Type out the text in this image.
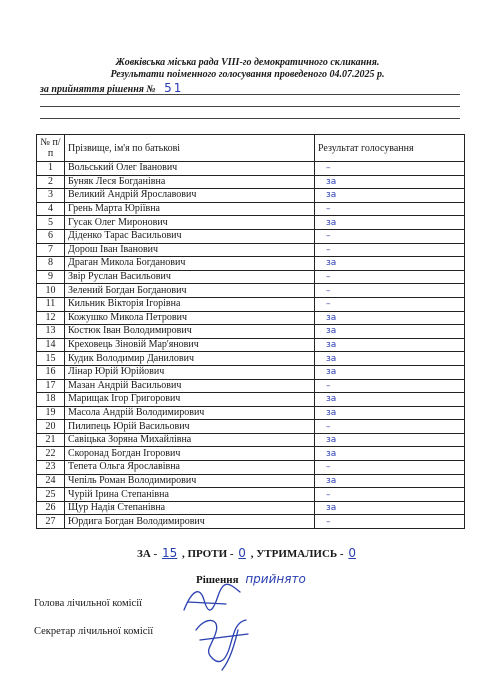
Жовківська міська рада VIII-го демократичного скликання.
Результати поіменного голосування проведеного 04.07.2025 р.
за прийняття рішення № 51
№ п/п	Прізвище, ім'я по батькові	Результат голосування
1	Вольський Олег Іванович	–
2	Буняк Леся Богданівна	за
3	Великий Андрій Ярославович	за
4	Грень Марта Юріївна	–
5	Гусак Олег Миронович	за
6	Діденко Тарас Васильович	–
7	Дорош Іван Іванович	–
8	Драган Микола Богданович	за
9	Звір Руслан Васильович	–
10	Зелений Богдан Богданович	–
11	Кильник Вікторія Ігорівна	–
12	Кожушко Микола Петрович	за
13	Костюк Іван Володимирович	за
14	Креховець Зіновій Мар'янович	за
15	Кудик Володимир Данилович	за
16	Лінар Юрій Юрійович	за
17	Мазан Андрій Васильович	–
18	Марищак Ігор Григорович	за
19	Масола Андрій Володимирович	за
20	Пилипець Юрій Васильович	–
21	Савіцька Зоряна Михайлівна	за
22	Скоронад Богдан Ігорович	за
23	Тепета Ольга Ярославівна	–
24	Чепіль Роман Володимирович	за
25	Чурій Ірина Степанівна	–
26	Щур Надія Степанівна	за
27	Юрдига Богдан Володимирович	–
ЗА - 15 , ПРОТИ - 0 , УТРИМАЛИСЬ - 0
Рішення прийнято
Голова лічильної комісії
Секретар лічильної комісії
